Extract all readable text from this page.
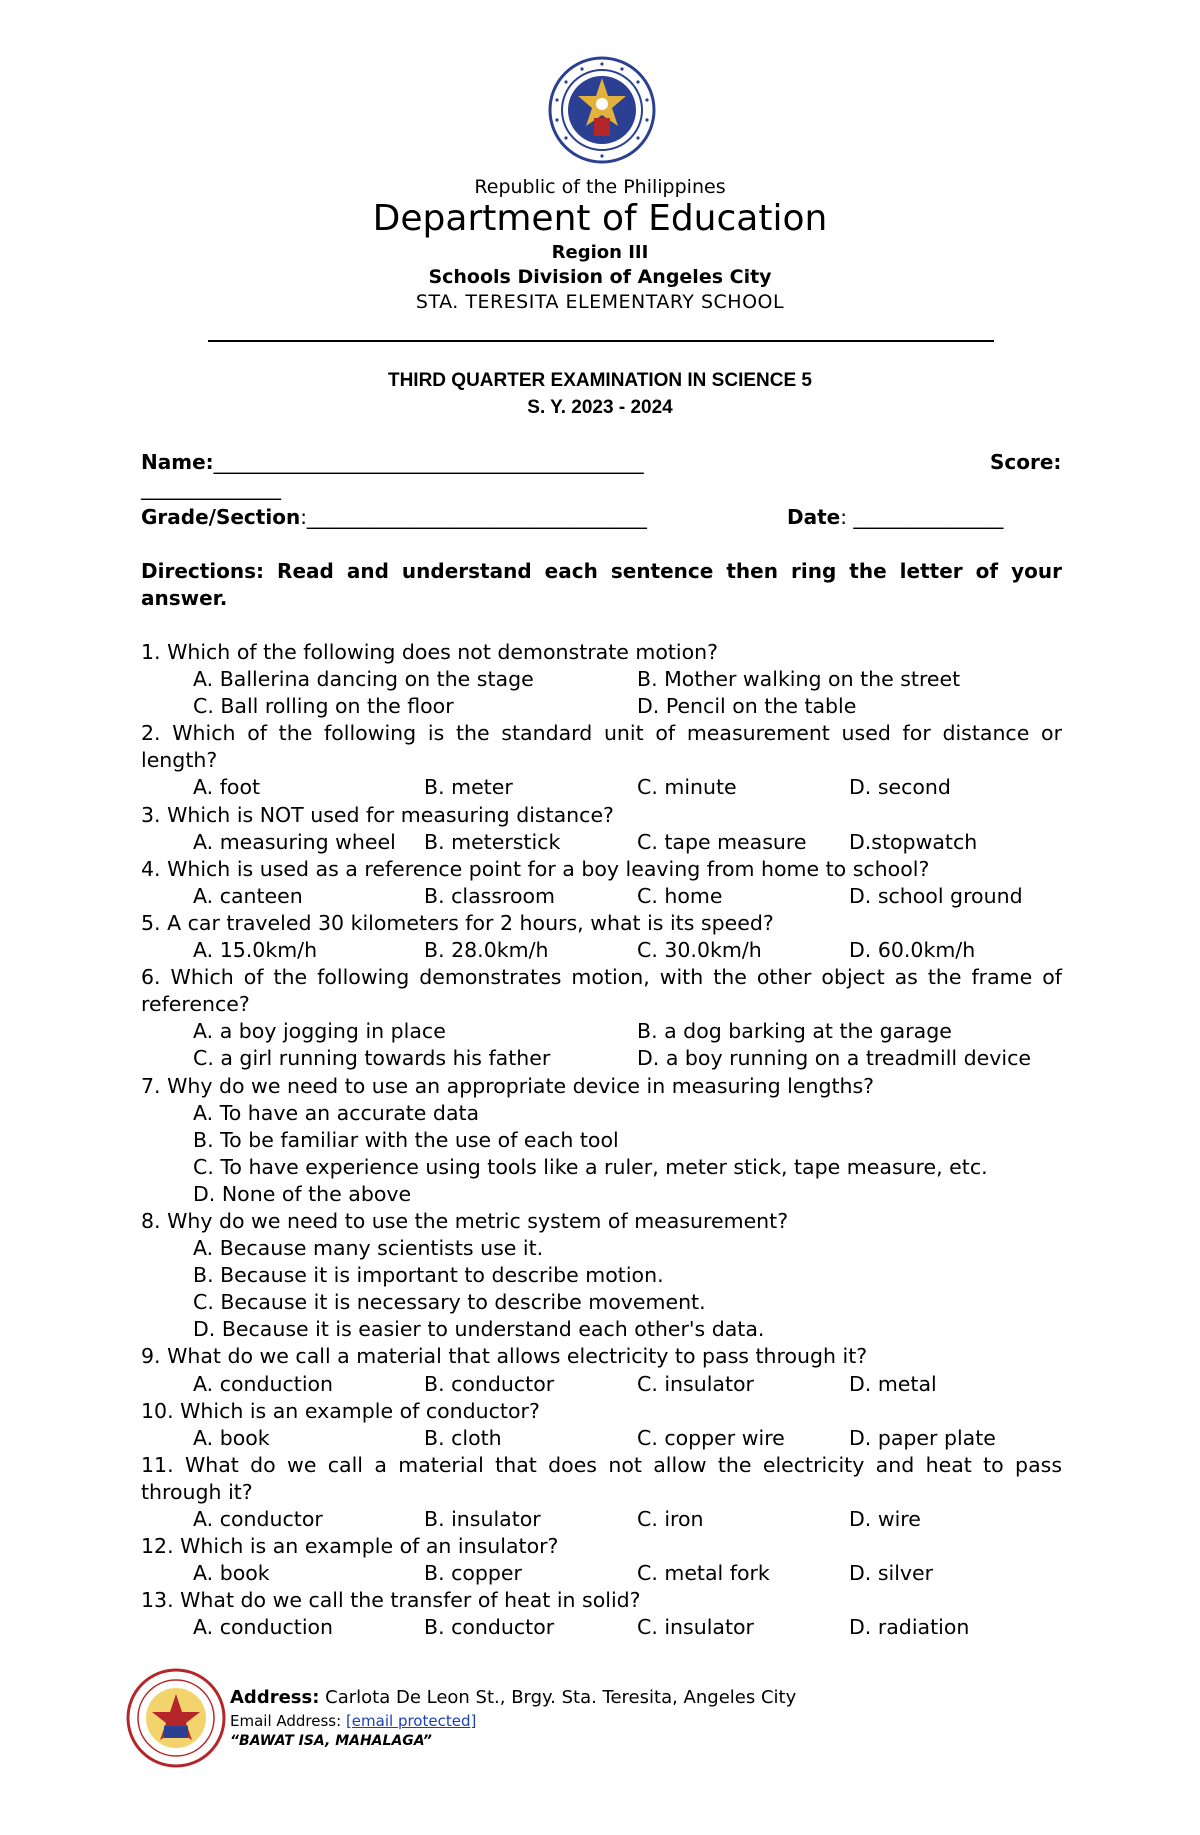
Republic of the Philippines
Department of Education
Region III
Schools Division of Angeles City
STA. TERESITA ELEMENTARY SCHOOL
THIRD QUARTER EXAMINATION IN SCIENCE 5
S. Y. 2023 - 2024
Name:___________________________________________	Score:
______________
Grade/Section:__________________________________	Date: _______________
Directions: Read and understand each sentence then ring the letter of your answer.
1. Which of the following does not demonstrate motion?
A. Ballerina dancing on the stage	B. Mother walking on the street
C. Ball rolling on the floor	D. Pencil on the table
2. Which of the following is the standard unit of measurement used for distance or length?
A. foot	B. meter	C. minute	D. second
3. Which is NOT used for measuring distance?
A. measuring wheel B. meterstick	C. tape measure D.stopwatch
4. Which is used as a reference point for a boy leaving from home to school?
A. canteen	B. classroom	C. home	D. school ground
5. A car traveled 30 kilometers for 2 hours, what is its speed?
A. 15.0km/h	B. 28.0km/h	C. 30.0km/h	D. 60.0km/h
6. Which of the following demonstrates motion, with the other object as the frame of reference?
A. a boy jogging in place	B. a dog barking at the garage
C. a girl running towards his father	D. a boy running on a treadmill device
7. Why do we need to use an appropriate device in measuring lengths?
A. To have an accurate data
B. To be familiar with the use of each tool
C. To have experience using tools like a ruler, meter stick, tape measure, etc.
D. None of the above
8. Why do we need to use the metric system of measurement?
A. Because many scientists use it.
B. Because it is important to describe motion.
C. Because it is necessary to describe movement.
D. Because it is easier to understand each other's data.
9. What do we call a material that allows electricity to pass through it?
A. conduction	B. conductor	C. insulator	D. metal
10. Which is an example of conductor?
A. book	B. cloth	C. copper wire	D. paper plate
11. What do we call a material that does not allow the electricity and heat to pass through it?
A. conductor	B. insulator	C. iron	D. wire
12. Which is an example of an insulator?
A. book	B. copper	C. metal fork	D. silver
13. What do we call the transfer of heat in solid?
A. conduction	B. conductor	C. insulator	D. radiation
Address: Carlota De Leon St., Brgy. Sta. Teresita, Angeles City
Email Address: [email protected]
“BAWAT ISA, MAHALAGA”
